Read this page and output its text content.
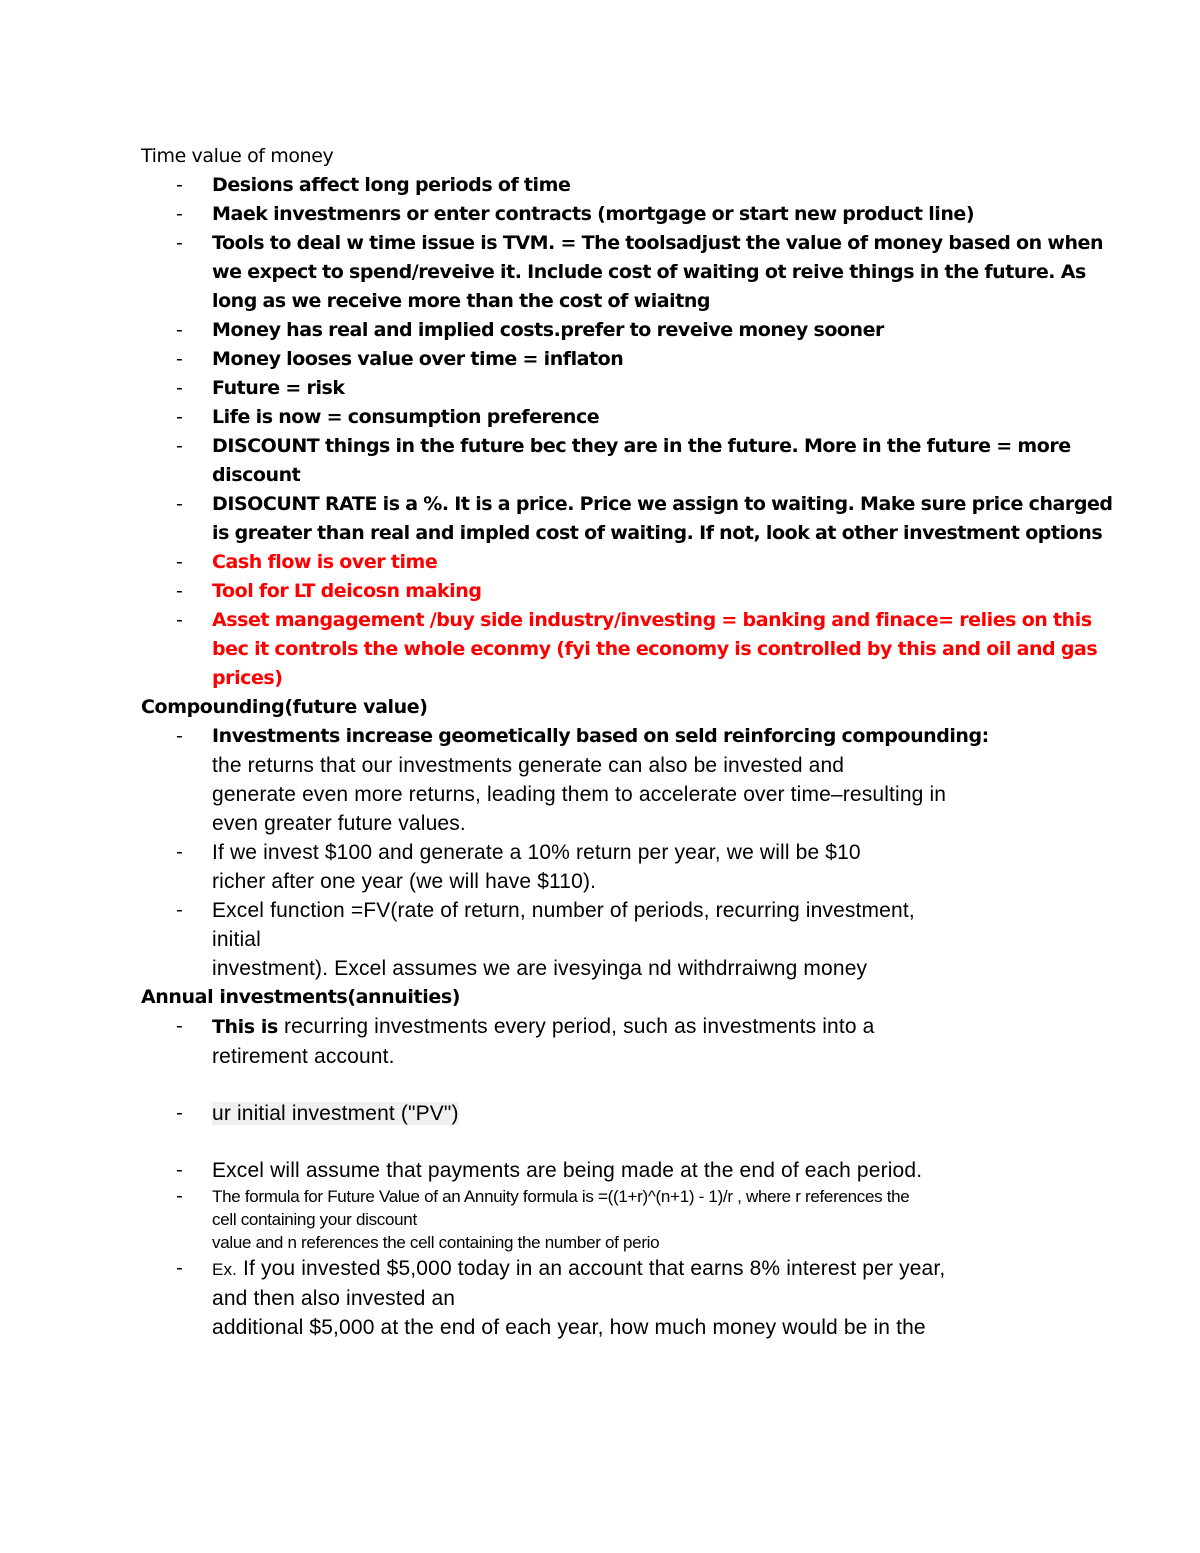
Time value of money
- Desions affect long periods of time
- Maek investmenrs or enter contracts (mortgage or start new product line)
- Tools to deal w time issue is TVM. = The toolsadjust the value of money based on when
we expect to spend/reveive it. Include cost of waiting ot reive things in the future. As
long as we receive more than the cost of wiaitng
- Money has real and implied costs.prefer to reveive money sooner
- Money looses value over time = inflaton
- Future = risk
- Life is now = consumption preference
- DISCOUNT things in the future bec they are in the future. More in the future = more
discount
- DISOCUNT RATE is a %. It is a price. Price we assign to waiting. Make sure price charged
is greater than real and impled cost of waiting. If not, look at other investment options
- Cash flow is over time
- Tool for LT deicosn making
- Asset mangagement /buy side industry/investing = banking and finace= relies on this
bec it controls the whole econmy (fyi the economy is controlled by this and oil and gas
prices)
Compounding(future value)
- Investments increase geometically based on seld reinforcing compounding:
the returns that our investments generate can also be invested and
generate even more returns, leading them to accelerate over time–resulting in
even greater future values.
- If we invest $100 and generate a 10% return per year, we will be $10
richer after one year (we will have $110).
- Excel function =FV(rate of return, number of periods, recurring investment,
initial
investment). Excel assumes we are ivesyinga nd withdrraiwng money
Annual investments(annuities)
- This is recurring investments every period, such as investments into a
retirement account.
- ur initial investment ("PV")
- Excel will assume that payments are being made at the end of each period.
- The formula for Future Value of an Annuity formula is =((1+r)^(n+1) - 1)/r , where r references the
cell containing your discount
value and n references the cell containing the number of perio
- Ex. If you invested $5,000 today in an account that earns 8% interest per year,
and then also invested an
additional $5,000 at the end of each year, how much money would be in the
